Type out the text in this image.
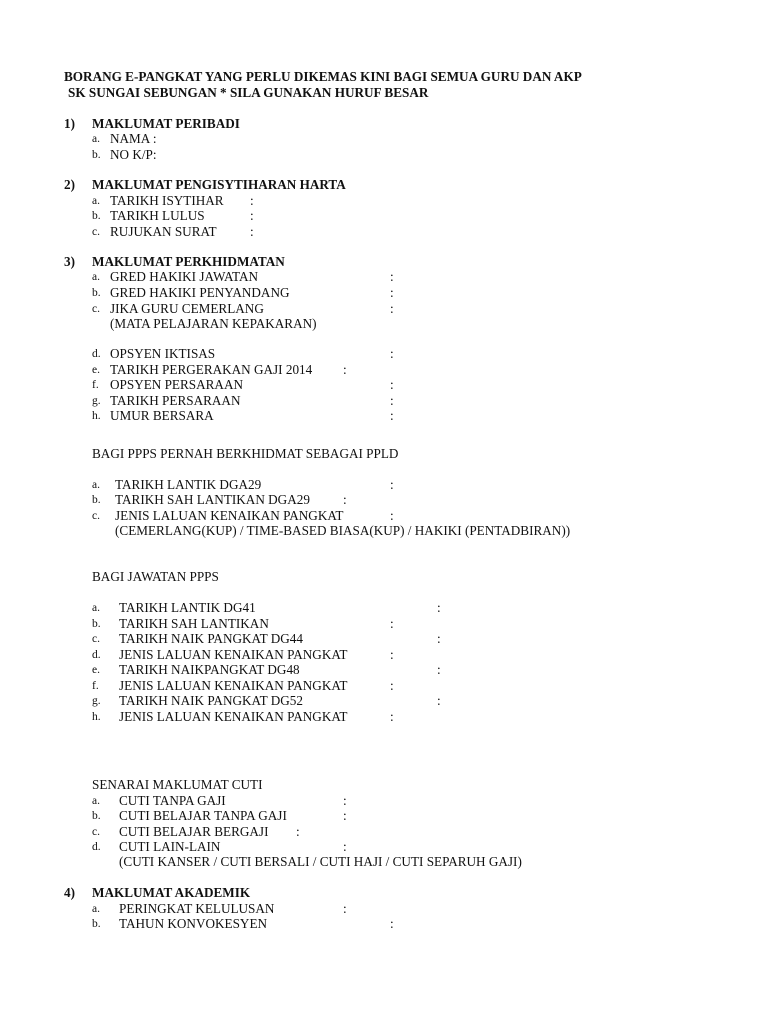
BORANG E-PANGKAT YANG PERLU DIKEMAS KINI BAGI SEMUA GURU DAN AKP
SK SUNGAI SEBUNGAN * SILA GUNAKAN HURUF BESAR
1) MAKLUMAT PERIBADI
a. NAMA :
b. NO K/P:
2) MAKLUMAT PENGISYTIHARAN HARTA
a. TARIKH ISYTIHAR :
b. TARIKH LULUS	:
c. RUJUKAN SURAT	:
3) MAKLUMAT PERKHIDMATAN
a. GRED HAKIKI JAWATAN	:
b. GRED HAKIKI PENYANDANG	:
c. JIKA GURU CEMERLANG	:
(MATA PELAJARAN KEPAKARAN)
d. OPSYEN IKTISAS	:
e. TARIKH PERGERAKAN GAJI 2014 :
f. OPSYEN PERSARAAN	:
g. TARIKH PERSARAAN	:
h. UMUR BERSARA	:
BAGI PPPS PERNAH BERKHIDMAT SEBAGAI PPLD
a. TARIKH LANTIK DGA29	:
b. TARIKH SAH LANTIKAN DGA29	:
c. JENIS LALUAN KENAIKAN PANGKAT	:
(CEMERLANG(KUP) / TIME-BASED BIASA(KUP) / HAKIKI (PENTADBIRAN))
BAGI JAWATAN PPPS
a. TARIKH LANTIK DG41	:
b. TARIKH SAH LANTIKAN	:
c. TARIKH NAIK PANGKAT DG44	:
d. JENIS LALUAN KENAIKAN PANGKAT	:
e. TARIKH NAIKPANGKAT DG48	:
f. JENIS LALUAN KENAIKAN PANGKAT	:
g. TARIKH NAIK PANGKAT DG52	:
h. JENIS LALUAN KENAIKAN PANGKAT	:
SENARAI MAKLUMAT CUTI
a. CUTI TANPA GAJI	:
b. CUTI BELAJAR TANPA GAJI	:
c. CUTI BELAJAR BERGAJI :
d. CUTI LAIN-LAIN	:
(CUTI KANSER / CUTI BERSALI / CUTI HAJI / CUTI SEPARUH GAJI)
4) MAKLUMAT AKADEMIK
a. PERINGKAT KELULUSAN	:
b. TAHUN KONVOKESYEN	:
